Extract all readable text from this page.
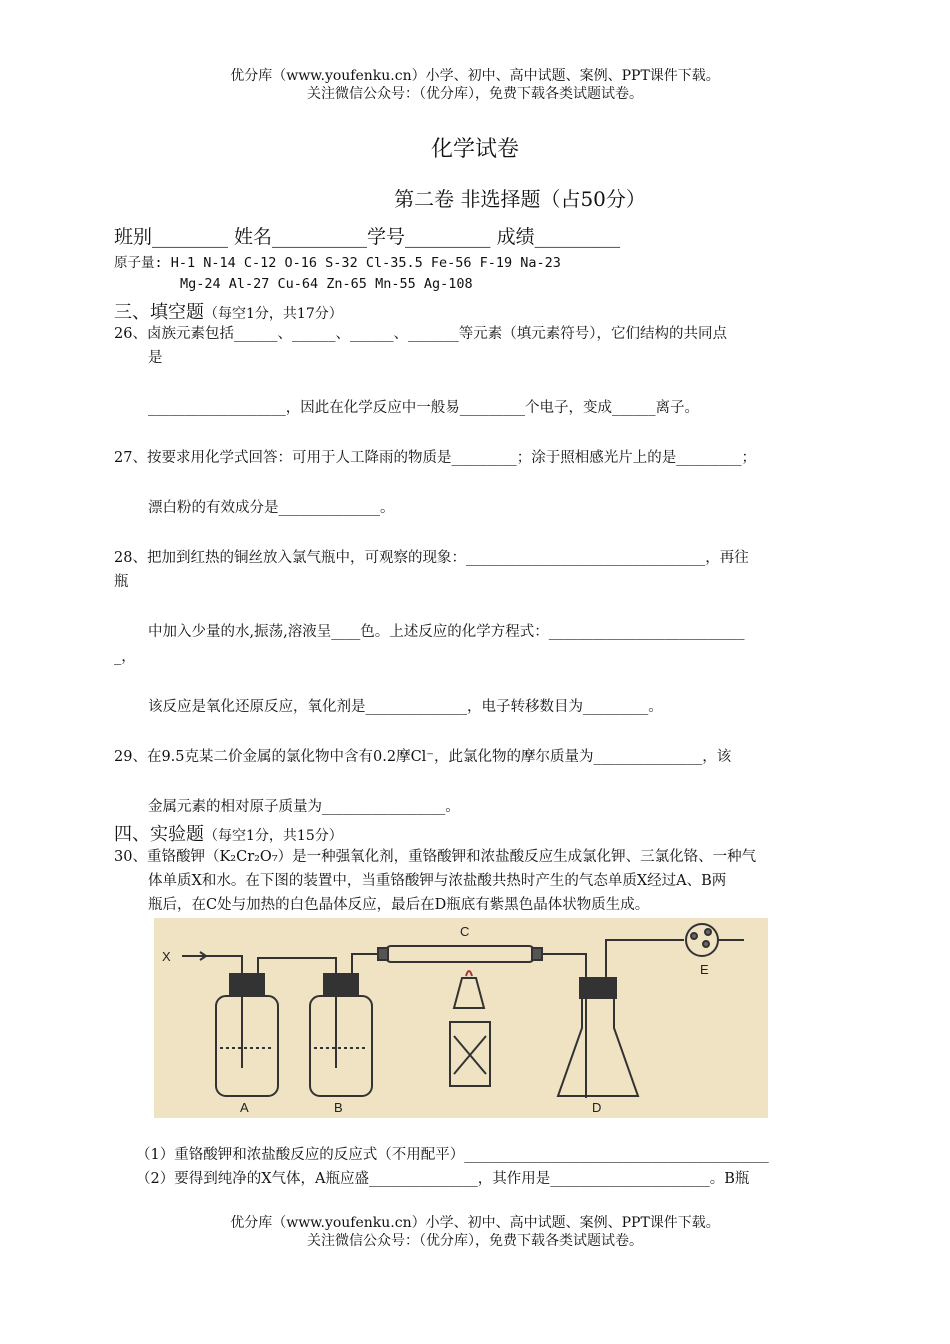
优分库（www.youfenku.cn）小学、初中、高中试题、案例、PPT课件下载。
关注微信公众号：（优分库），免费下载各类试题试卷。
化学试卷
第二卷 非选择题（占50分）
班别________ 姓名__________学号_________ 成绩_________
原子量: H-1 N-14 C-12 O-16 S-32 Cl-35.5 Fe-56 F-19 Na-23
Mg-24 Al-27 Cu-64 Zn-65 Mn-55 Ag-108
三、填空题（每空1分，共17分）
26、卤族元素包括______、______、______、_______等元素（填元素符号），它们结构的共同点
是
___________________，因此在化学反应中一般易_________个电子，变成______离子。
27、按要求用化学式回答：可用于人工降雨的物质是_________；涂于照相感光片上的是_________；
漂白粉的有效成分是______________。
28、把加到红热的铜丝放入氯气瓶中，可观察的现象：_________________________________，再往
瓶
中加入少量的水,振荡,溶液呈____色。上述反应的化学方程式：___________________________
_，
该反应是氧化还原反应，氧化剂是______________，电子转移数目为_________。
29、在9.5克某二价金属的氯化物中含有0.2摩Cl⁻，此氯化物的摩尔质量为_______________，该
金属元素的相对原子质量为_________________。
四、实验题（每空1分，共15分）
30、重铬酸钾（K₂Cr₂O₇）是一种强氧化剂，重铬酸钾和浓盐酸反应生成氯化钾、三氯化铬、一种气
体单质X和水。在下图的装置中，当重铬酸钾与浓盐酸共热时产生的气态单质X经过A、B两
瓶后，在C处与加热的白色晶体反应，最后在D瓶底有紫黑色晶体状物质生成。
X
A	B
C
D
E
（1）重铬酸钾和浓盐酸反应的反应式（不用配平）__________________________________________
（2）要得到纯净的X气体，A瓶应盛_______________，其作用是______________________。B瓶
优分库（www.youfenku.cn）小学、初中、高中试题、案例、PPT课件下载。
关注微信公众号：（优分库），免费下载各类试题试卷。
